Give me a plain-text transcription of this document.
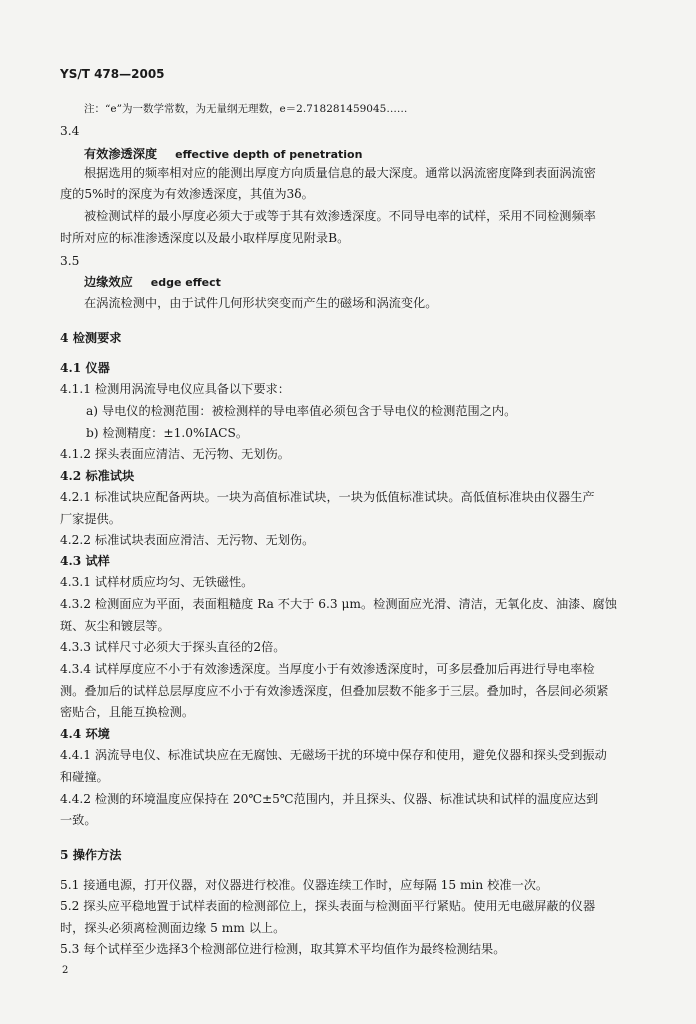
YS/T 478—2005
注：“e”为一数学常数，为无量纲无理数，e＝2.718281459045……
3.4
有效渗透深度 effective depth of penetration
根据选用的频率相对应的能测出厚度方向质量信息的最大深度。通常以涡流密度降到表面涡流密
度的5%时的深度为有效渗透深度，其值为3δ。
被检测试样的最小厚度必须大于或等于其有效渗透深度。不同导电率的试样，采用不同检测频率
时所对应的标准渗透深度以及最小取样厚度见附录B。
3.5
边缘效应 edge effect
在涡流检测中，由于试件几何形状突变而产生的磁场和涡流变化。
4 检测要求
4.1 仪器
4.1.1 检测用涡流导电仪应具备以下要求：
a) 导电仪的检测范围：被检测样的导电率值必须包含于导电仪的检测范围之内。
b) 检测精度：±1.0%IACS。
4.1.2 探头表面应清洁、无污物、无划伤。
4.2 标准试块
4.2.1 标准试块应配备两块。一块为高值标准试块，一块为低值标准试块。高低值标准块由仪器生产
厂家提供。
4.2.2 标准试块表面应滑洁、无污物、无划伤。
4.3 试样
4.3.1 试样材质应均匀、无铁磁性。
4.3.2 检测面应为平面，表面粗糙度 Ra 不大于 6.3 μm。检测面应光滑、清洁，无氧化皮、油漆、腐蚀
斑、灰尘和镀层等。
4.3.3 试样尺寸必须大于探头直径的2倍。
4.3.4 试样厚度应不小于有效渗透深度。当厚度小于有效渗透深度时，可多层叠加后再进行导电率检
测。叠加后的试样总层厚度应不小于有效渗透深度，但叠加层数不能多于三层。叠加时，各层间必须紧
密贴合，且能互换检测。
4.4 环境
4.4.1 涡流导电仪、标准试块应在无腐蚀、无磁场干扰的环境中保存和使用，避免仪器和探头受到振动
和碰撞。
4.4.2 检测的环境温度应保持在 20℃±5℃范围内，并且探头、仪器、标准试块和试样的温度应达到
一致。
5 操作方法
5.1 接通电源，打开仪器，对仪器进行校准。仪器连续工作时，应每隔 15 min 校准一次。
5.2 探头应平稳地置于试样表面的检测部位上，探头表面与检测面平行紧贴。使用无电磁屏蔽的仪器
时，探头必须离检测面边缘 5 mm 以上。
5.3 每个试样至少选择3个检测部位进行检测，取其算术平均值作为最终检测结果。
2
